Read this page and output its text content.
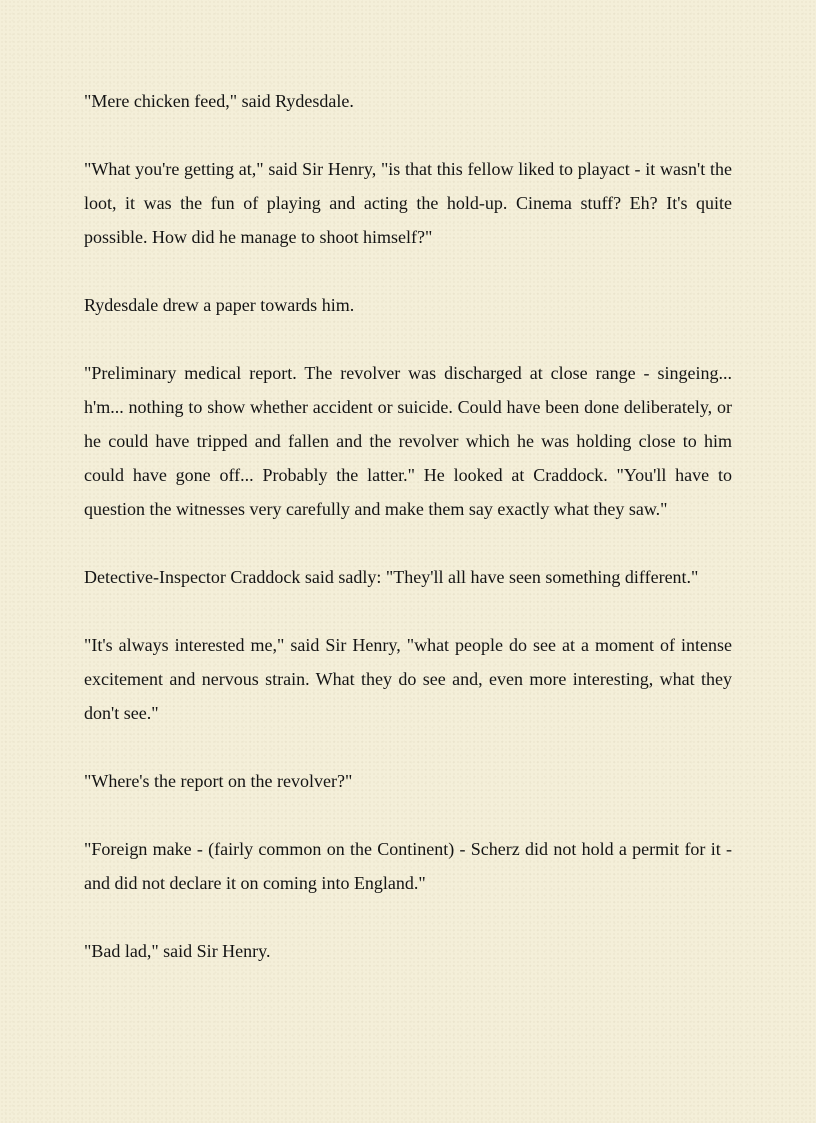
"Mere chicken feed," said Rydesdale.

"What you're getting at," said Sir Henry, "is that this fellow liked to playact - it wasn't the loot, it was the fun of playing and acting the hold-up. Cinema stuff? Eh? It's quite possible. How did he manage to shoot himself?"

Rydesdale drew a paper towards him.

"Preliminary medical report. The revolver was discharged at close range - singeing... h'm... nothing to show whether accident or suicide. Could have been done deliberately, or he could have tripped and fallen and the revolver which he was holding close to him could have gone off... Probably the latter." He looked at Craddock. "You'll have to question the witnesses very carefully and make them say exactly what they saw."

Detective-Inspector Craddock said sadly: "They'll all have seen something different."

"It's always interested me," said Sir Henry, "what people do see at a moment of intense excitement and nervous strain. What they do see and, even more interesting, what they don't see."

"Where's the report on the revolver?"

"Foreign make - (fairly common on the Continent) - Scherz did not hold a permit for it - and did not declare it on coming into England."

"Bad lad," said Sir Henry.
